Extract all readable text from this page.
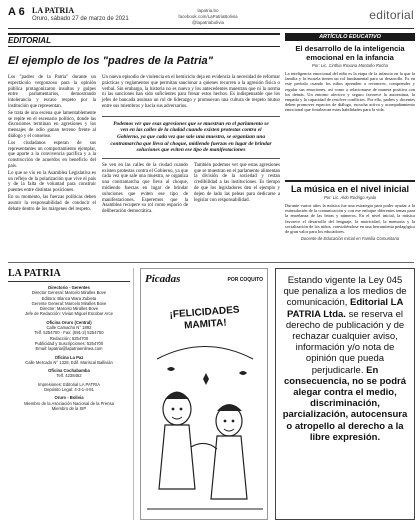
A 6 LA PATRIA
Oruro, sábado 27 de marzo de 2021
lapatria.bo
facebook.com/LaPatriaBolivia
@lapatriabolivia
editorial
EDITORIAL
El ejemplo de los "padres de la Patria"

Los "padres de la Patria" durante un espectáculo vergonzoso para la opinión pública protagonizaron insultos y golpes entre parlamentarios, demostrando intolerancia y escaso respeto por la institución que representan.

Se trata de una escena que lamentablemente se repite en el escenario político, donde las discusiones terminan en agresiones y los mensajes de odio ganan terreno frente al diálogo y el consenso.

Los ciudadanos esperan de sus representantes un comportamiento ejemplar, que aporte a la convivencia pacífica y a la construcción de acuerdos en beneficio del país.

Lo que se vio en la Asamblea Legislativa es un reflejo de la polarización que vive el país y de la falta de voluntad para construir puentes entre distintas posiciones.

En su momento, las fuerzas políticas deben asumir la responsabilidad de conducir el debate dentro de los márgenes del respeto.

Un nuevo episodio de violencia en el hemiciclo deja en evidencia la necesidad de reformar prácticas y reglamentos que permitan sancionar a quienes recurren a la agresión física o verbal. Sin embargo, la historia no es nueva y los antecedentes muestran que ni la norma ni las sanciones han sido suficientes para frenar estos hechos. Es indispensable que los jefes de bancada asuman un rol de liderazgo y promuevan una cultura de respeto mutuo entre sus miembros y hacia sus adversarios.
Podemos ver que esas agresiones que se muestran en el parlamento se ven en las calles de la ciudad cuando existen protestas contra el Gobierno, ya que cada vez que sale una muestra, se organizan una contramarcha que lleva al choque, midiendo fuerzas en lugar de brindar soluciones que eviten ese tipo de manifestaciones
Se ven en las calles de la ciudad cuando existen protestas contra el Gobierno, ya que cada vez que sale una muestra, se organiza una contramarcha que lleva al choque, midiendo fuerzas en lugar de brindar soluciones que eviten ese tipo de manifestaciones. Esperemos que la Asamblea recupere su rol como espacio de deliberación democrática.
También podemos ver que estas agresiones que se muestran en el parlamento alimentan la división de la sociedad y restan credibilidad a las instituciones. Es tiempo de que los legisladores den el ejemplo y dejen de lado las peleas para dedicarse a legislar con responsabilidad.
ARTÍCULO EDUCATIVO
El desarrollo de la inteligencia emocional en la infancia
Por: Lic. Cinthia Roxana Montaño Rocha
La inteligencia emocional del niño es la etapa de la infancia en la que la familia y la escuela tienen un rol fundamental para su desarrollo. Es en este período cuando los niños aprenden a reconocer, comprender y regular sus emociones, así como a relacionarse de manera positiva con los demás. Un entorno afectivo y seguro favorece la autoestima, la empatía y la capacidad de resolver conflictos. Por ello, padres y docentes deben promover espacios de diálogo, escucha activa y acompañamiento emocional que fortalezcan estas habilidades para la vida.
La música en el nivel inicial
Por: Lic. Aldo Rodrigo Ayala
Durante varios años la música fue una estrategia para poder ayudar a la estimulación de la comunicación y con ese enfoque diferentes temas para la enseñanza de las letras y números. En el nivel inicial, la música favorece el desarrollo del lenguaje, la motricidad, la memoria y la socialización de los niños, convirtiéndose en una herramienta pedagógica de gran valor para los educadores.
Docente de Educación Inicial en Familia Comunitaria
LA PATRIA
Directorio - Gerentes
Director General: Marcelo Miralles Bove
Editora: Blanca Wara Zubieta
Gerente General: Marcelo Miralles Bove
Director: Marcelo Miralles Bove
Jefe de Redacción: Vivian Miguel Escobar Arce
Oficina Oruro (Central)
Calle Camacho N° 1892
Telf. 5254700 · Fax: (591-2) 5254700
Redacción: 5254700
Publicidad y Suscripciones: 5254700
Email: lapatria@lapatriaenlinea.com
Oficina La Paz
Calle Mercado N° 1328, Edif. Mariscal Ballivián
Oficina Cochabamba
Telf. 4238462
Impresiones: Editorial LA PATRIA
Depósito Legal: 4-3-1-4-81
Oruro - Bolivia
Miembro de la Asociación Nacional de la Prensa
Miembro de la SIP
Picadas	POR COQUITO
¡FELICIDADES MAMITA!

Estando vigente la Ley 045 que penaliza a los medios de comunicación, Editorial LA PATRIA Ltda. se reserva el derecho de publicación y de rechazar cualquier aviso, información y/o nota de opinión que pueda perjudicarle. En consecuencia, no se podrá alegar contra el medio, discriminación, parcialización, autocensura o atropello al derecho a la libre expresión.
